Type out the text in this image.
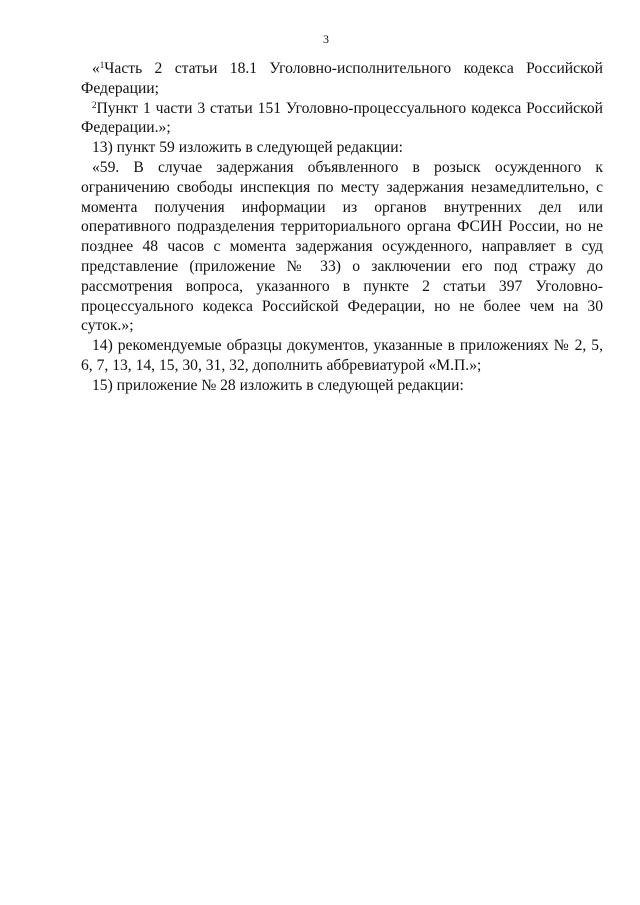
3

«$^1$Часть 2 статьи 18.1 Уголовно-исполнительного кодекса Российской Федерации;

$^2$Пункт 1 части 3 статьи 151 Уголовно-процессуального кодекса Российской Федерации.»;

13) пункт 59 изложить в следующей редакции:

«59. В случае задержания объявленного в розыск осужденного к ограничению свободы инспекция по месту задержания незамедлительно, с момента получения информации из органов внутренних дел или оперативного подразделения территориального органа ФСИН России, но не позднее 48 часов с момента задержания осужденного, направляет в суд представление (приложение № 33) о заключении его под стражу до рассмотрения вопроса, указанного в пункте 2 статьи 397 Уголовно-процессуального кодекса Российской Федерации, но не более чем на 30 суток.»;

14) рекомендуемые образцы документов, указанные в приложениях № 2, 5, 6, 7, 13, 14, 15, 30, 31, 32, дополнить аббревиатурой «М.П.»;

15) приложение № 28 изложить в следующей редакции:
